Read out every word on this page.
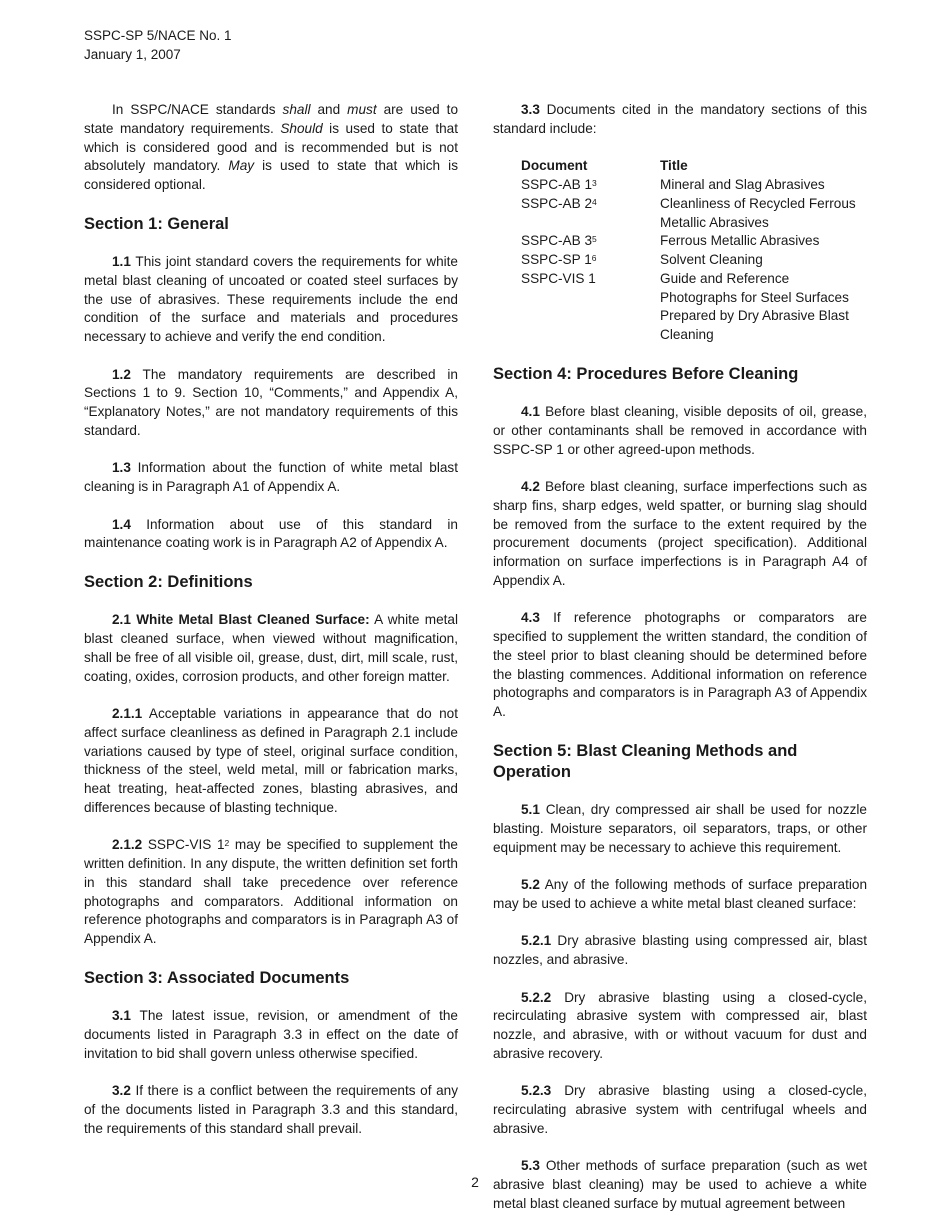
SSPC-SP 5/NACE No. 1
January 1, 2007

In SSPC/NACE standards shall and must are used to state mandatory requirements. Should is used to state that which is considered good and is recommended but is not absolutely mandatory. May is used to state that which is considered optional.

Section 1: General

1.1 This joint standard covers the requirements for white metal blast cleaning of uncoated or coated steel surfaces by the use of abrasives. These requirements include the end condition of the surface and materials and procedures necessary to achieve and verify the end condition.

1.2 The mandatory requirements are described in Sections 1 to 9. Section 10, “Comments,” and Appendix A, “Explanatory Notes,” are not mandatory requirements of this standard.

1.3 Information about the function of white metal blast cleaning is in Paragraph A1 of Appendix A.

1.4 Information about use of this standard in maintenance coating work is in Paragraph A2 of Appendix A.

Section 2: Definitions

2.1 White Metal Blast Cleaned Surface: A white metal blast cleaned surface, when viewed without magnification, shall be free of all visible oil, grease, dust, dirt, mill scale, rust, coating, oxides, corrosion products, and other foreign matter.

2.1.1 Acceptable variations in appearance that do not affect surface cleanliness as defined in Paragraph 2.1 include variations caused by type of steel, original surface condition, thickness of the steel, weld metal, mill or fabrication marks, heat treating, heat-affected zones, blasting abrasives, and differences because of blasting technique.

2.1.2 SSPC-VIS $1^2$ may be specified to supplement the written definition. In any dispute, the written definition set forth in this standard shall take precedence over reference photographs and comparators. Additional information on reference photographs and comparators is in Paragraph A3 of Appendix A.

Section 3: Associated Documents

3.1 The latest issue, revision, or amendment of the documents listed in Paragraph 3.3 in effect on the date of invitation to bid shall govern unless otherwise specified.

3.2 If there is a conflict between the requirements of any of the documents listed in Paragraph 3.3 and this standard, the requirements of this standard shall prevail.

3.3 Documents cited in the mandatory sections of this standard include:

Document	Title
SSPC-AB $1^3$	Mineral and Slag Abrasives
SSPC-AB $2^4$	Cleanliness of Recycled Ferrous Metallic Abrasives
SSPC-AB $3^5$	Ferrous Metallic Abrasives
SSPC-SP $1^6$	Solvent Cleaning
SSPC-VIS 1	Guide and Reference Photographs for Steel Surfaces Prepared by Dry Abrasive Blast Cleaning
Section 4: Procedures Before Cleaning

4.1 Before blast cleaning, visible deposits of oil, grease, or other contaminants shall be removed in accordance with SSPC-SP 1 or other agreed-upon methods.

4.2 Before blast cleaning, surface imperfections such as sharp fins, sharp edges, weld spatter, or burning slag should be removed from the surface to the extent required by the procurement documents (project specification). Additional information on surface imperfections is in Paragraph A4 of Appendix A.

4.3 If reference photographs or comparators are specified to supplement the written standard, the condition of the steel prior to blast cleaning should be determined before the blasting commences. Additional information on reference photographs and comparators is in Paragraph A3 of Appendix A.

Section 5: Blast Cleaning Methods and Operation

5.1 Clean, dry compressed air shall be used for nozzle blasting. Moisture separators, oil separators, traps, or other equipment may be necessary to achieve this requirement.

5.2 Any of the following methods of surface preparation may be used to achieve a white metal blast cleaned surface:

5.2.1 Dry abrasive blasting using compressed air, blast nozzles, and abrasive.

5.2.2 Dry abrasive blasting using a closed-cycle, recirculating abrasive system with compressed air, blast nozzle, and abrasive, with or without vacuum for dust and abrasive recovery.

5.2.3 Dry abrasive blasting using a closed-cycle, recirculating abrasive system with centrifugal wheels and abrasive.

5.3 Other methods of surface preparation (such as wet abrasive blast cleaning) may be used to achieve a white metal blast cleaned surface by mutual agreement between

2
